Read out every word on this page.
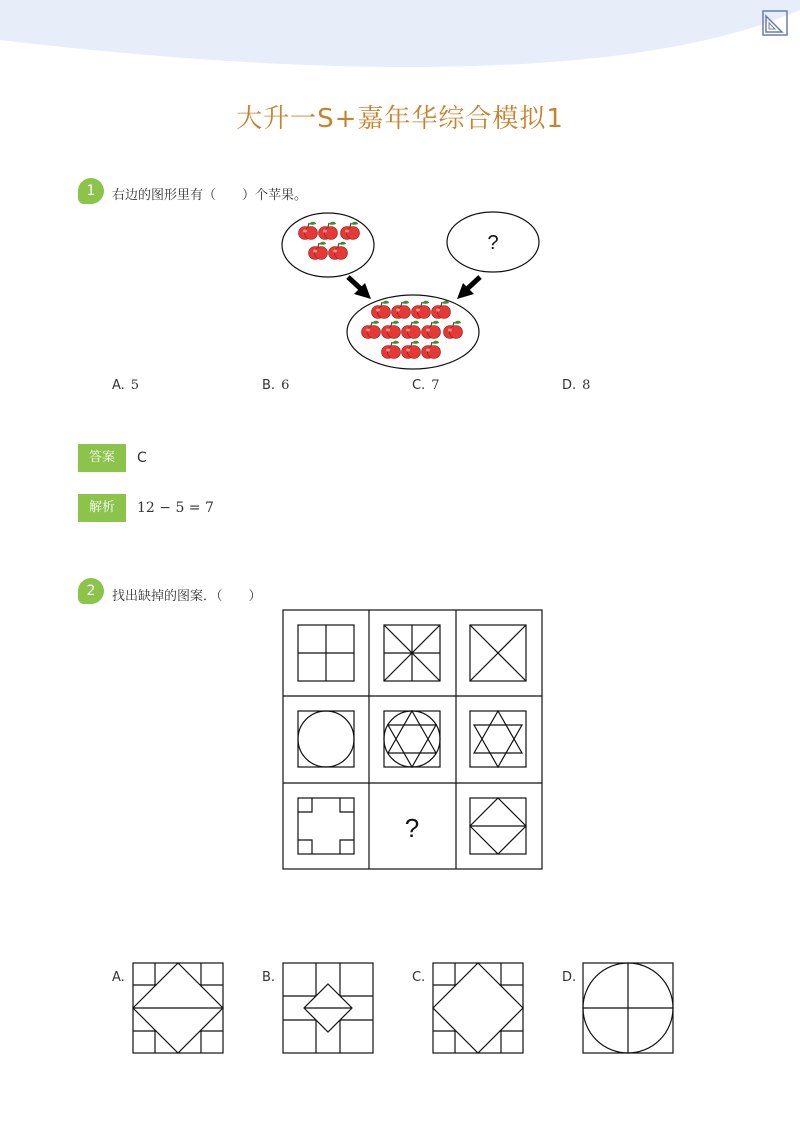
大升一S+嘉年华综合模拟1
1	右边的图形里有（　　）个苹果。
?
A. 5	B. 6	C. 7	D. 8
答案	C
解析	12 − 5 = 7
2	找出缺掉的图案．（　　）
?
A.	B.	C.	D.
